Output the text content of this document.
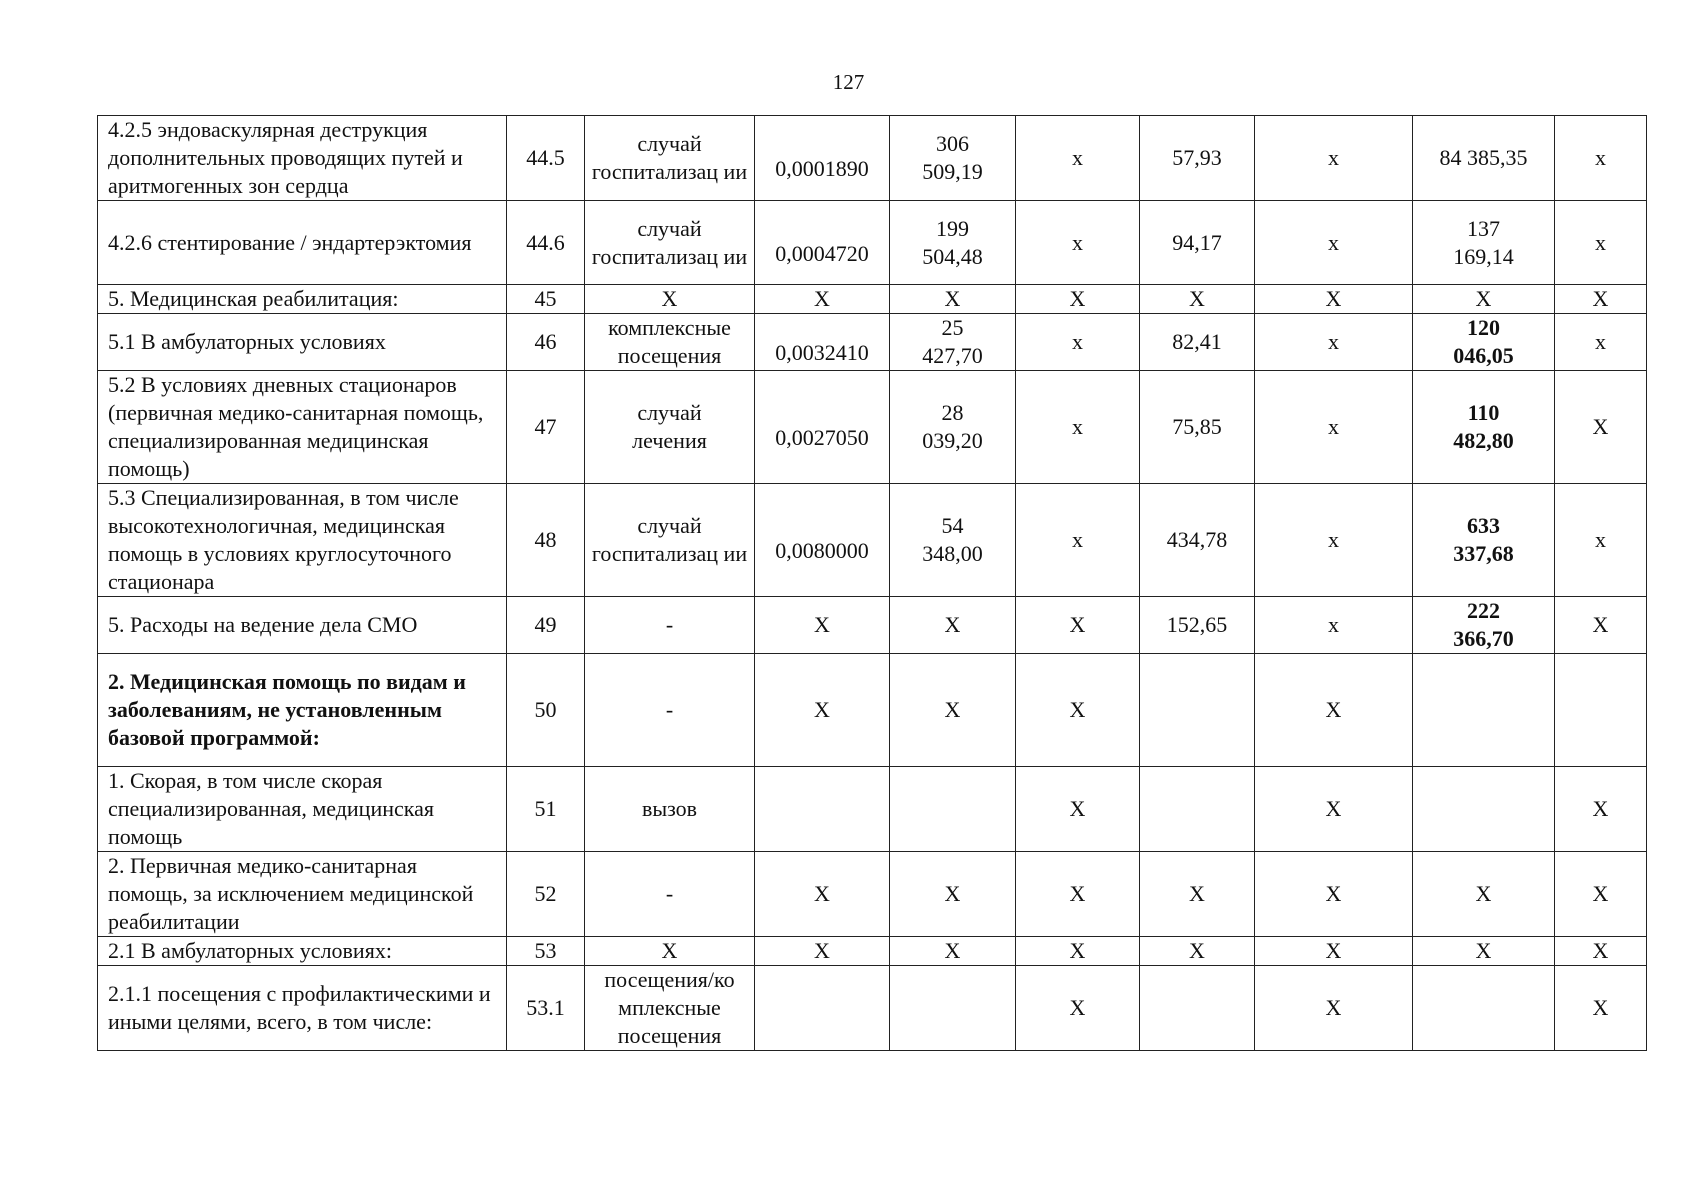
127
4.2.5 эндоваскулярная деструкция дополнительных проводящих путей и аритмогенных зон сердца	44.5	случай госпитализац ии	0,0001890	306 509,19	х	57,93	х	84 385,35	х
4.2.6 стентирование / эндартерэктомия	44.6	случай госпитализац ии	0,0004720	199 504,48	х	94,17	х	137 169,14	х
5. Медицинская реабилитация:	45	Х	Х	Х	Х	Х	Х	Х	Х
5.1 В амбулаторных условиях	46	комплексные посещения	0,0032410	25 427,70	х	82,41	х	120 046,05	х
5.2 В условиях дневных стационаров (первичная медико-санитарная помощь, специализированная медицинская помощь)	47	случай лечения	0,0027050	28 039,20	х	75,85	х	110 482,80	Х
5.3 Специализированная, в том числе высокотехнологичная, медицинская помощь в условиях круглосуточного стационара	48	случай госпитализац ии	0,0080000	54 348,00	х	434,78	х	633 337,68	х
5. Расходы на ведение дела СМО	49	-	Х	Х	Х	152,65	х	222 366,70	Х
2. Медицинская помощь по видам и заболеваниям, не установленным базовой программой:	50	-	Х	Х	Х		Х		
1. Скорая, в том числе скорая специализированная, медицинская помощь	51	вызов			Х		Х		Х
2. Первичная медико-санитарная помощь, за исключением медицинской реабилитации	52	-	Х	Х	Х	Х	Х	Х	Х
2.1 В амбулаторных условиях:	53	Х	Х	Х	Х	Х	Х	Х	Х
2.1.1 посещения с профилактическими и иными целями, всего, в том числе:	53.1	посещения/ко мплексные посещения			Х		Х		Х
